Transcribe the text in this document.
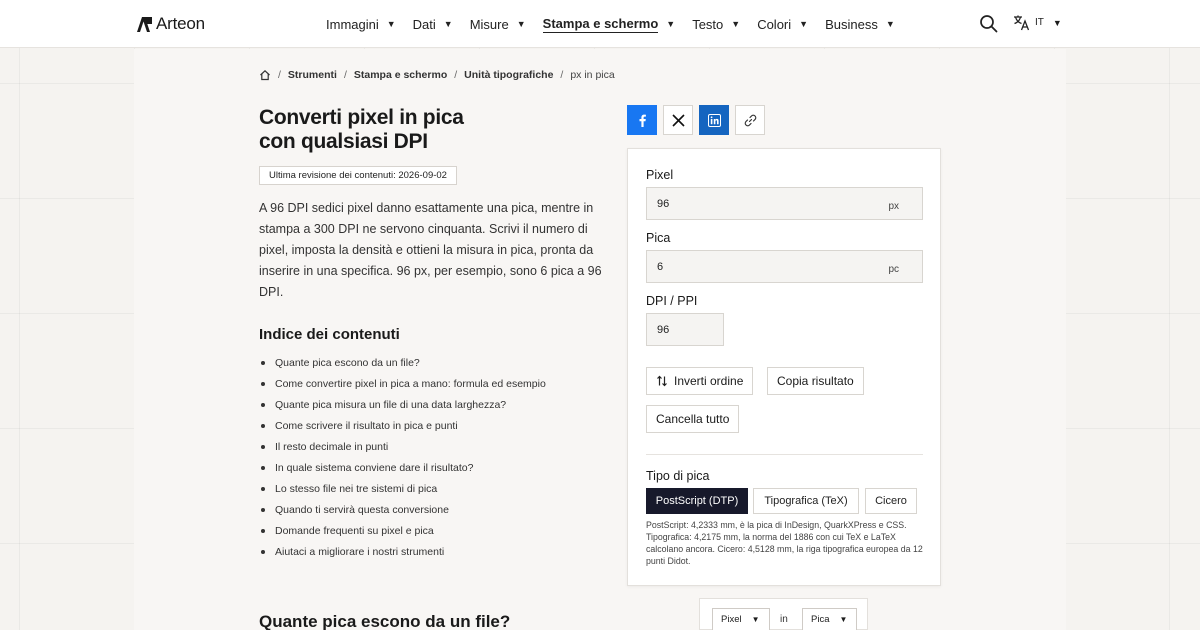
Arteon	Immagini ▼ Dati ▼ Misure ▼ Stampa e schermo ▼ Testo ▼ Colori ▼ Business ▼	IT ▼
/ Strumenti / Stampa e schermo / Unità tipografiche / px in pica
Converti pixel in pica
con qualsiasi DPI
Ultima revisione dei contenuti: 2026-09-02

A 96 DPI sedici pixel danno esattamente una pica, mentre in stampa a 300 DPI ne servono cinquanta. Scrivi il numero di pixel, imposta la densità e ottieni la misura in pica, pronta da inserire in una specifica. 96 px, per esempio, sono 6 pica a 96 DPI.

Indice dei contenuti
Quante pica escono da un file?
Come convertire pixel in pica a mano: formula ed esempio
Quante pica misura un file di una data larghezza?
Come scrivere il risultato in pica e punti
Il resto decimale in punti
In quale sistema conviene dare il risultato?
Lo stesso file nei tre sistemi di pica
Quando ti servirà questa conversione
Domande frequenti su pixel e pica
Aiutaci a migliorare i nostri strumenti
Quante pica escono da un file?
Pixel
96	px
Pica
6	pc
DPI / PPI
96
Inverti ordine	Copia risultato
Cancella tutto
Tipo di pica
PostScript (DTP)	Tipografica (TeX)	Cicero

PostScript: 4,2333 mm, è la pica di InDesign, QuarkXPress e CSS. Tipografica: 4,2175 mm, la norma del 1886 con cui TeX e LaTeX calcolano ancora. Cicero: 4,5128 mm, la riga tipografica europea da 12 punti Didot.

Pixel ▼ in Pica ▼
